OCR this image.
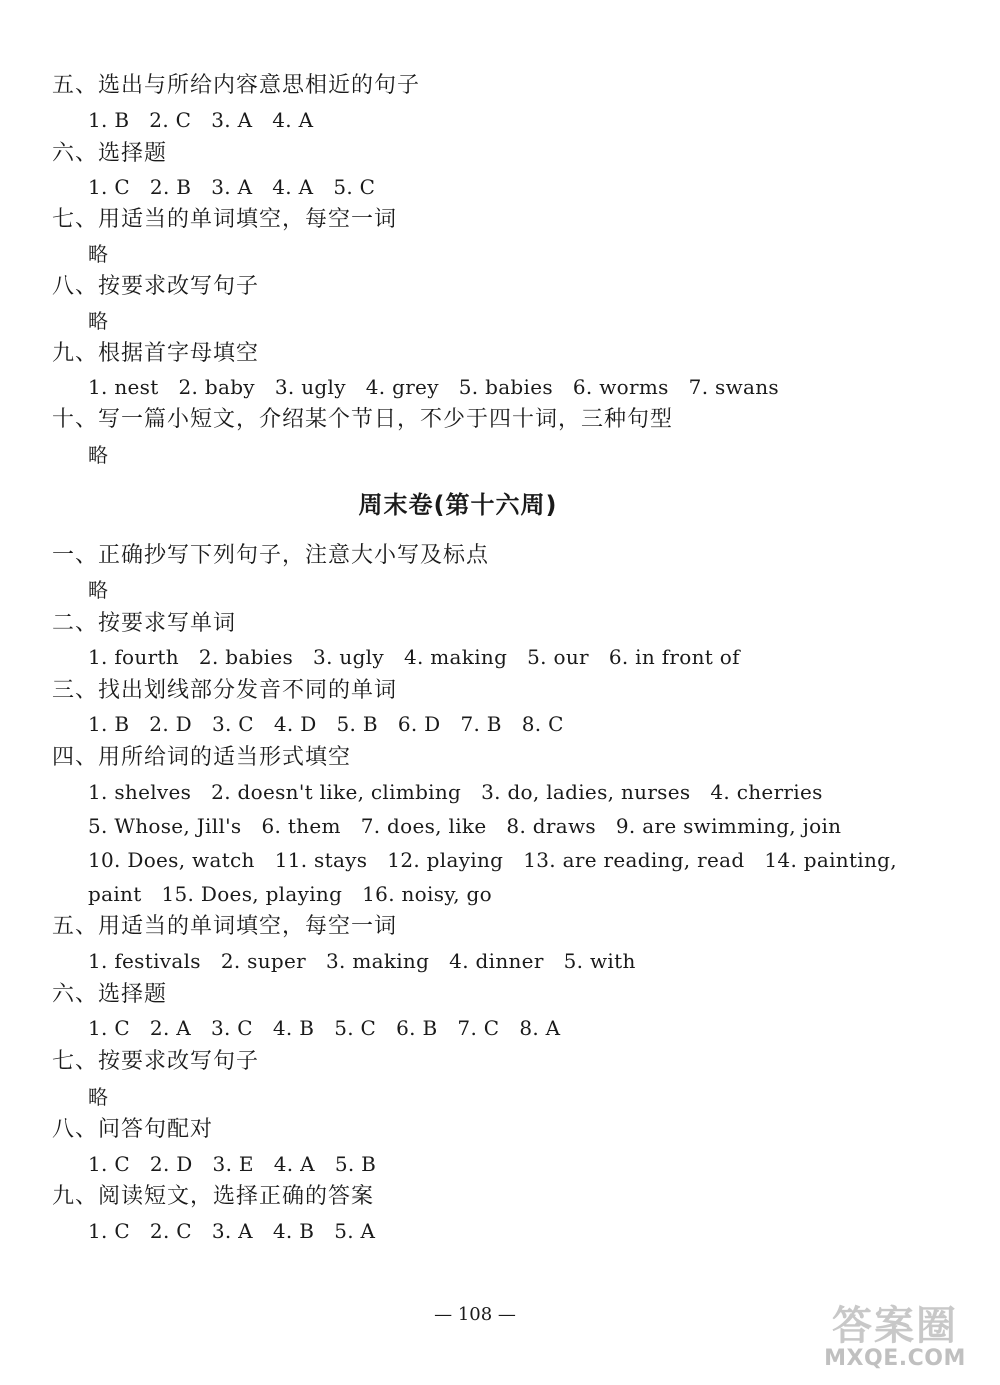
五、选出与所给内容意思相近的句子
1. B   2. C   3. A   4. A
六、选择题
1. C   2. B   3. A   4. A   5. C
七、用适当的单词填空，每空一词
略
八、按要求改写句子
略
九、根据首字母填空
1. nest   2. baby   3. ugly   4. grey   5. babies   6. worms   7. swans
十、写一篇小短文，介绍某个节日，不少于四十词，三种句型
略
周末卷(第十六周)
一、正确抄写下列句子，注意大小写及标点
略
二、按要求写单词
1. fourth   2. babies   3. ugly   4. making   5. our   6. in front of
三、找出划线部分发音不同的单词
1. B   2. D   3. C   4. D   5. B   6. D   7. B   8. C
四、用所给词的适当形式填空
1. shelves   2. doesn't like, climbing   3. do, ladies, nurses   4. cherries
5. Whose, Jill's   6. them   7. does, like   8. draws   9. are swimming, join
10. Does, watch   11. stays   12. playing   13. are reading, read   14. painting,
paint   15. Does, playing   16. noisy, go
五、用适当的单词填空，每空一词
1. festivals   2. super   3. making   4. dinner   5. with
六、选择题
1. C   2. A   3. C   4. B   5. C   6. B   7. C   8. A
七、按要求改写句子
略
八、问答句配对
1. C   2. D   3. E   4. A   5. B
九、阅读短文，选择正确的答案
1. C   2. C   3. A   4. B   5. A
— 108 —	答案圈
MXQE.COM
